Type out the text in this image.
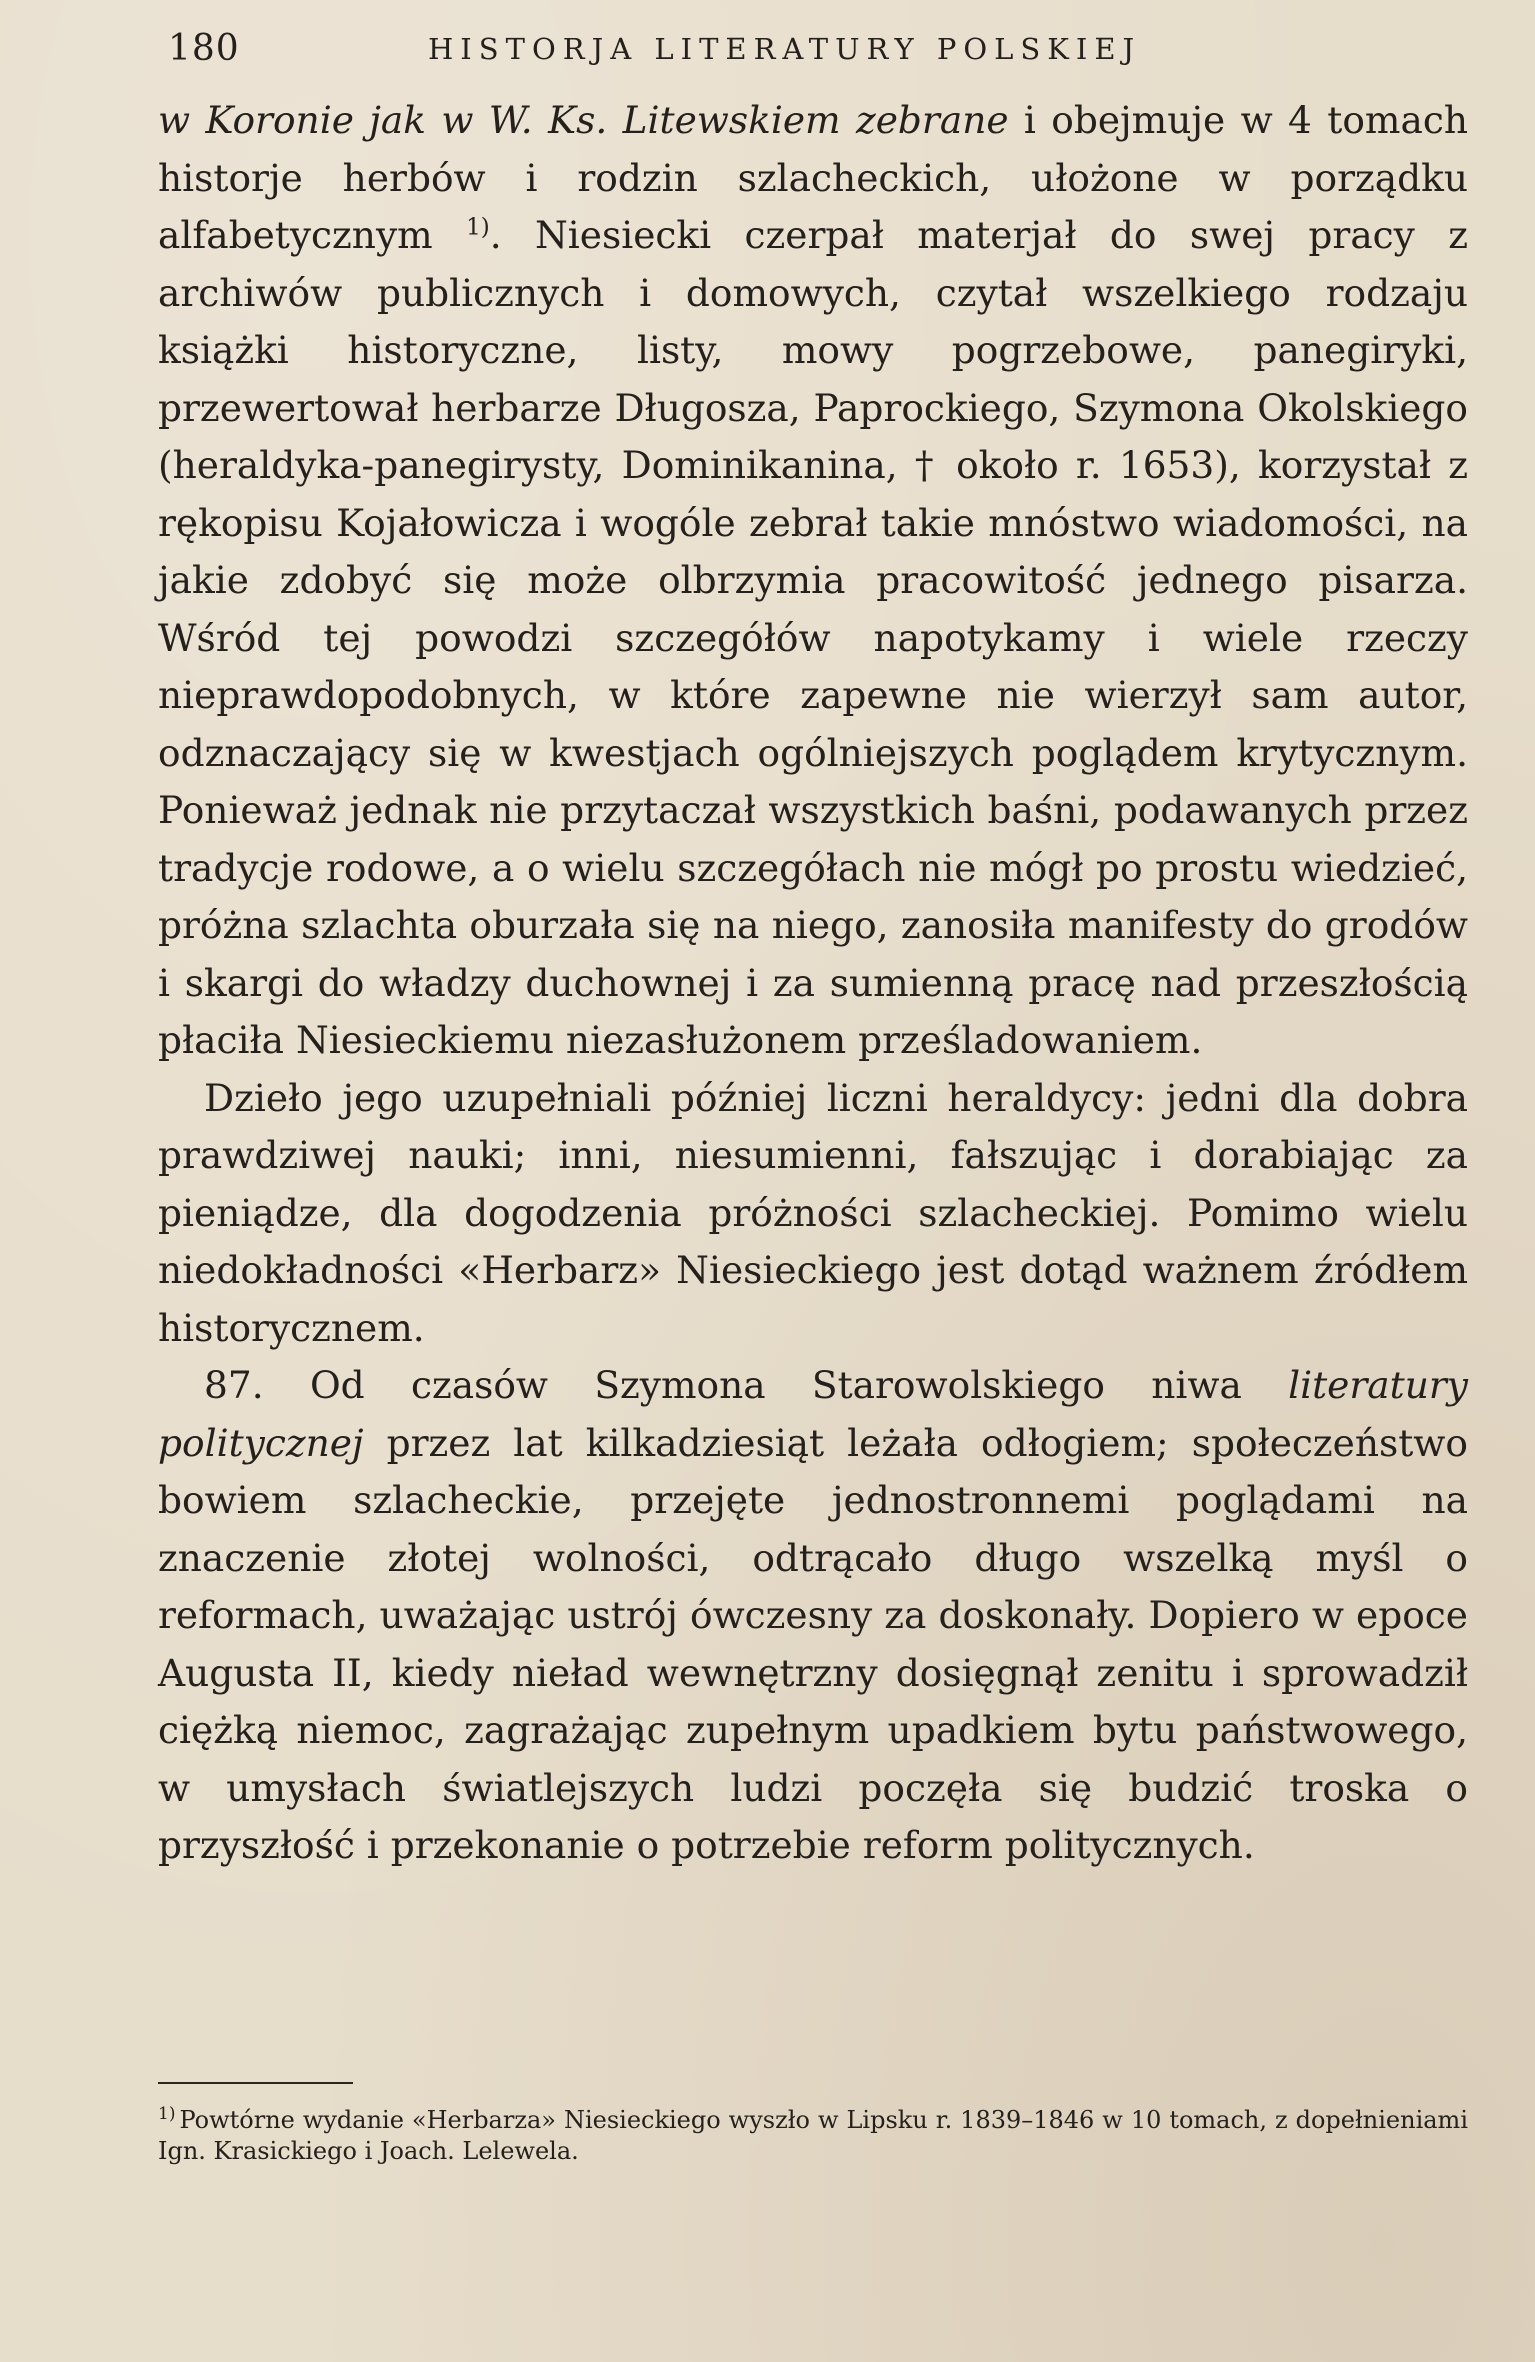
180	HISTORJA LITERATURY POLSKIEJ

w Koronie jak w W. Ks. Litewskiem zebrane i obejmuje w 4 tomach historje herbów i rodzin szlacheckich, ułożone w porządku alfabetycznym $^{1)}$. Niesiecki czerpał materjał do swej pracy z archiwów publicznych i domowych, czytał wszelkiego rodzaju książki historyczne, listy, mowy pogrzebowe, panegiryki, przewertował herbarze Długosza, Paprockiego, Szymona Okolskiego (heraldyka-panegirysty, Dominikanina, † około r. 1653), korzystał z rękopisu Kojałowicza i wogóle zebrał takie mnóstwo wiadomości, na jakie zdobyć się może olbrzymia pracowitość jednego pisarza. Wśród tej powodzi szczegółów napotykamy i wiele rzeczy nieprawdopodobnych, w które zapewne nie wierzył sam autor, odznaczający się w kwestjach ogólniejszych poglądem krytycznym. Ponieważ jednak nie przytaczał wszystkich baśni, podawanych przez tradycje rodowe, a o wielu szczegółach nie mógł po prostu wiedzieć, próżna szlachta oburzała się na niego, zanosiła manifesty do grodów i skargi do władzy duchownej i za sumienną pracę nad przeszłością płaciła Niesieckiemu niezasłużonem prześladowaniem.

Dzieło jego uzupełniali później liczni heraldycy: jedni dla dobra prawdziwej nauki; inni, niesumienni, fałszując i dorabiając za pieniądze, dla dogodzenia próżności szlacheckiej. Pomimo wielu niedokładności «Herbarz» Niesieckiego jest dotąd ważnem źródłem historycznem.

87. Od czasów Szymona Starowolskiego niwa literatury politycznej przez lat kilkadziesiąt leżała odłogiem; społeczeństwo bowiem szlacheckie, przejęte jednostronnemi poglądami na znaczenie złotej wolności, odtrącało długo wszelką myśl o reformach, uważając ustrój ówczesny za doskonały. Dopiero w epoce Augusta II, kiedy nieład wewnętrzny dosięgnął zenitu i sprowadził ciężką niemoc, zagrażając zupełnym upadkiem bytu państwowego, w umysłach światlejszych ludzi poczęła się budzić troska o przyszłość i przekonanie o potrzebie reform politycznych.

$^{1)}$ Powtórne wydanie «Herbarza» Niesieckiego wyszło w Lipsku r. 1839–1846 w 10 tomach, z dopełnieniami Ign. Krasickiego i Joach. Lelewela.
